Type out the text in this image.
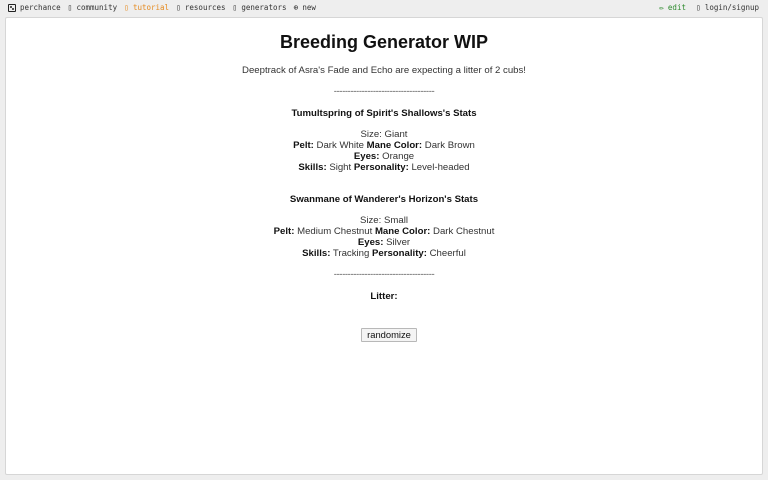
perchance ▯ community ▯ tutorial ▯ resources ▯ generators ⊕ new	✏ edit ▯ login/signup
Breeding Generator WIP
Deeptrack of Asra's Fade and Echo are expecting a litter of 2 cubs!
------------------------------------
Tumultspring of Spirit's Shallows's Stats
Size: Giant
Pelt: Dark White Mane Color: Dark Brown
Eyes: Orange
Skills: Sight Personality: Level-headed
Swanmane of Wanderer's Horizon's Stats
Size: Small
Pelt: Medium Chestnut Mane Color: Dark Chestnut
Eyes: Silver
Skills: Tracking Personality: Cheerful
------------------------------------
Litter:
randomize
